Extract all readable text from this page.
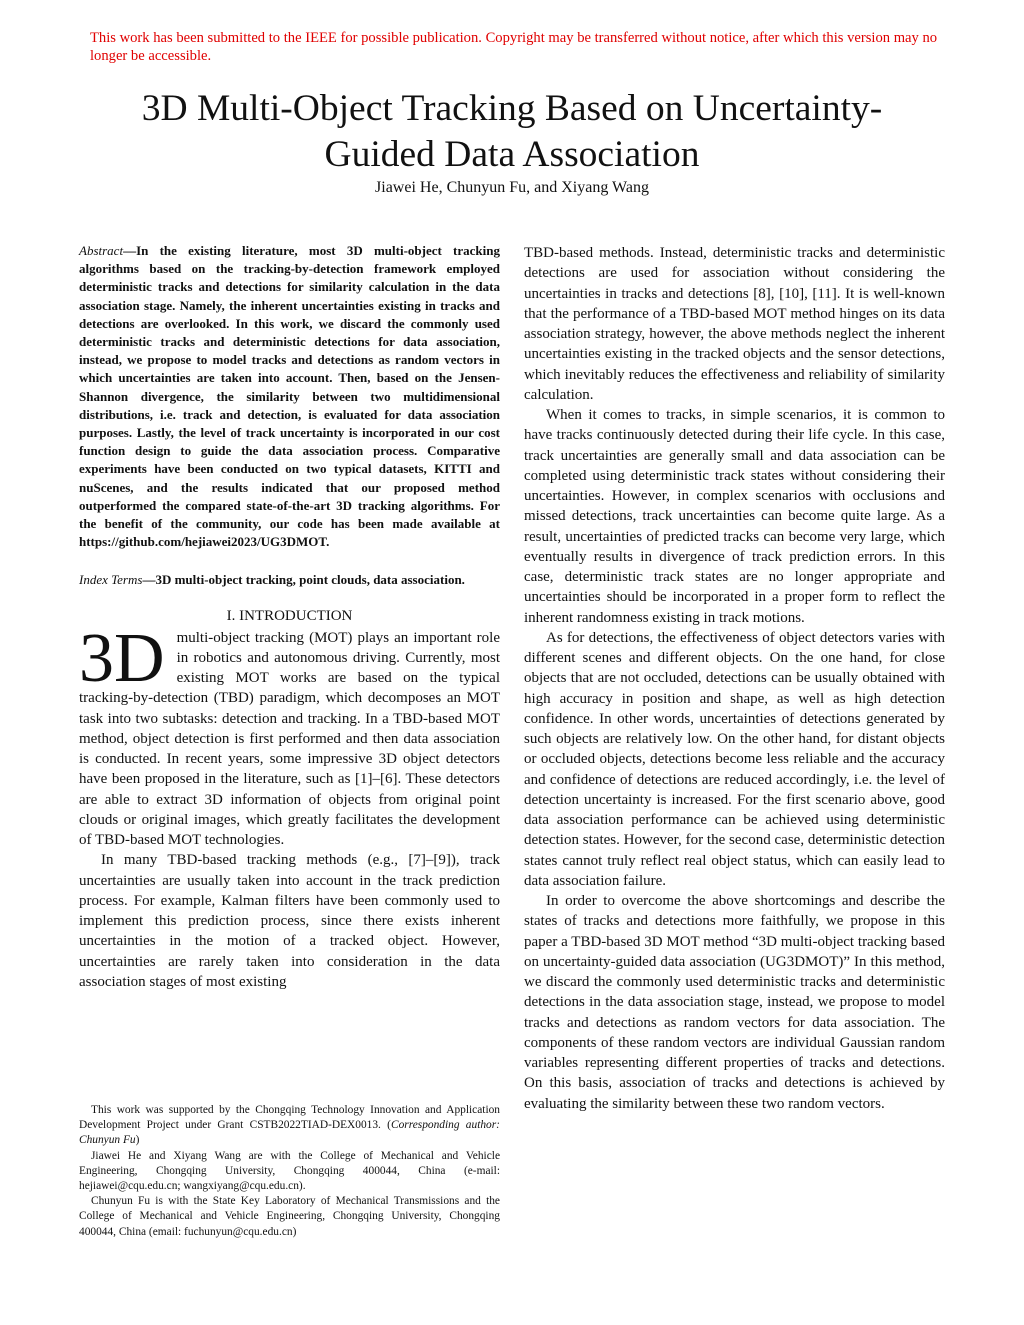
This work has been submitted to the IEEE for possible publication. Copyright may be transferred without notice, after which this version may no longer be accessible.
3D Multi-Object Tracking Based on Uncertainty-Guided Data Association
Jiawei He, Chunyun Fu, and Xiyang Wang

Abstract—In the existing literature, most 3D multi-object tracking algorithms based on the tracking-by-detection framework employed deterministic tracks and detections for similarity calculation in the data association stage. Namely, the inherent uncertainties existing in tracks and detections are overlooked. In this work, we discard the commonly used deterministic tracks and deterministic detections for data association, instead, we propose to model tracks and detections as random vectors in which uncertainties are taken into account. Then, based on the Jensen-Shannon divergence, the similarity between two multidimensional distributions, i.e. track and detection, is evaluated for data association purposes. Lastly, the level of track uncertainty is incorporated in our cost function design to guide the data association process. Comparative experiments have been conducted on two typical datasets, KITTI and nuScenes, and the results indicated that our proposed method outperformed the compared state-of-the-art 3D tracking algorithms. For the benefit of the community, our code has been made available at https://github.com/hejiawei2023/UG3DMOT.

Index Terms—3D multi-object tracking, point clouds, data association.

I. INTRODUCTION

3D multi-object tracking (MOT) plays an important role in robotics and autonomous driving. Currently, most existing MOT works are based on the typical tracking-by-detection (TBD) paradigm, which decomposes an MOT task into two subtasks: detection and tracking. In a TBD-based MOT method, object detection is first performed and then data association is conducted. In recent years, some impressive 3D object detectors have been proposed in the literature, such as [1]–[6]. These detectors are able to extract 3D information of objects from original point clouds or original images, which greatly facilitates the development of TBD-based MOT technologies.

In many TBD-based tracking methods (e.g., [7]–[9]), track uncertainties are usually taken into account in the track prediction process. For example, Kalman filters have been commonly used to implement this prediction process, since there exists inherent uncertainties in the motion of a tracked object. However, uncertainties are rarely taken into consideration in the data association stages of most existing

This work was supported by the Chongqing Technology Innovation and Application Development Project under Grant CSTB2022TIAD-DEX0013. (Corresponding author: Chunyun Fu)

Jiawei He and Xiyang Wang are with the College of Mechanical and Vehicle Engineering, Chongqing University, Chongqing 400044, China (e-mail: hejiawei@cqu.edu.cn; wangxiyang@cqu.edu.cn).

Chunyun Fu is with the State Key Laboratory of Mechanical Transmissions and the College of Mechanical and Vehicle Engineering, Chongqing University, Chongqing 400044, China (email: fuchunyun@cqu.edu.cn)

TBD-based methods. Instead, deterministic tracks and deterministic detections are used for association without considering the uncertainties in tracks and detections [8], [10], [11]. It is well-known that the performance of a TBD-based MOT method hinges on its data association strategy, however, the above methods neglect the inherent uncertainties existing in the tracked objects and the sensor detections, which inevitably reduces the effectiveness and reliability of similarity calculation.

When it comes to tracks, in simple scenarios, it is common to have tracks continuously detected during their life cycle. In this case, track uncertainties are generally small and data association can be completed using deterministic track states without considering their uncertainties. However, in complex scenarios with occlusions and missed detections, track uncertainties can become quite large. As a result, uncertainties of predicted tracks can become very large, which eventually results in divergence of track prediction errors. In this case, deterministic track states are no longer appropriate and uncertainties should be incorporated in a proper form to reflect the inherent randomness existing in track motions.

As for detections, the effectiveness of object detectors varies with different scenes and different objects. On the one hand, for close objects that are not occluded, detections can be usually obtained with high accuracy in position and shape, as well as high detection confidence. In other words, uncertainties of detections generated by such objects are relatively low. On the other hand, for distant objects or occluded objects, detections become less reliable and the accuracy and confidence of detections are reduced accordingly, i.e. the level of detection uncertainty is increased. For the first scenario above, good data association performance can be achieved using deterministic detection states. However, for the second case, deterministic detection states cannot truly reflect real object status, which can easily lead to data association failure.

In order to overcome the above shortcomings and describe the states of tracks and detections more faithfully, we propose in this paper a TBD-based 3D MOT method “3D multi-object tracking based on uncertainty-guided data association (UG3DMOT)” In this method, we discard the commonly used deterministic tracks and deterministic detections in the data association stage, instead, we propose to model tracks and detections as random vectors for data association. The components of these random vectors are individual Gaussian random variables representing different properties of tracks and detections. On this basis, association of tracks and detections is achieved by evaluating the similarity between these two random vectors.
